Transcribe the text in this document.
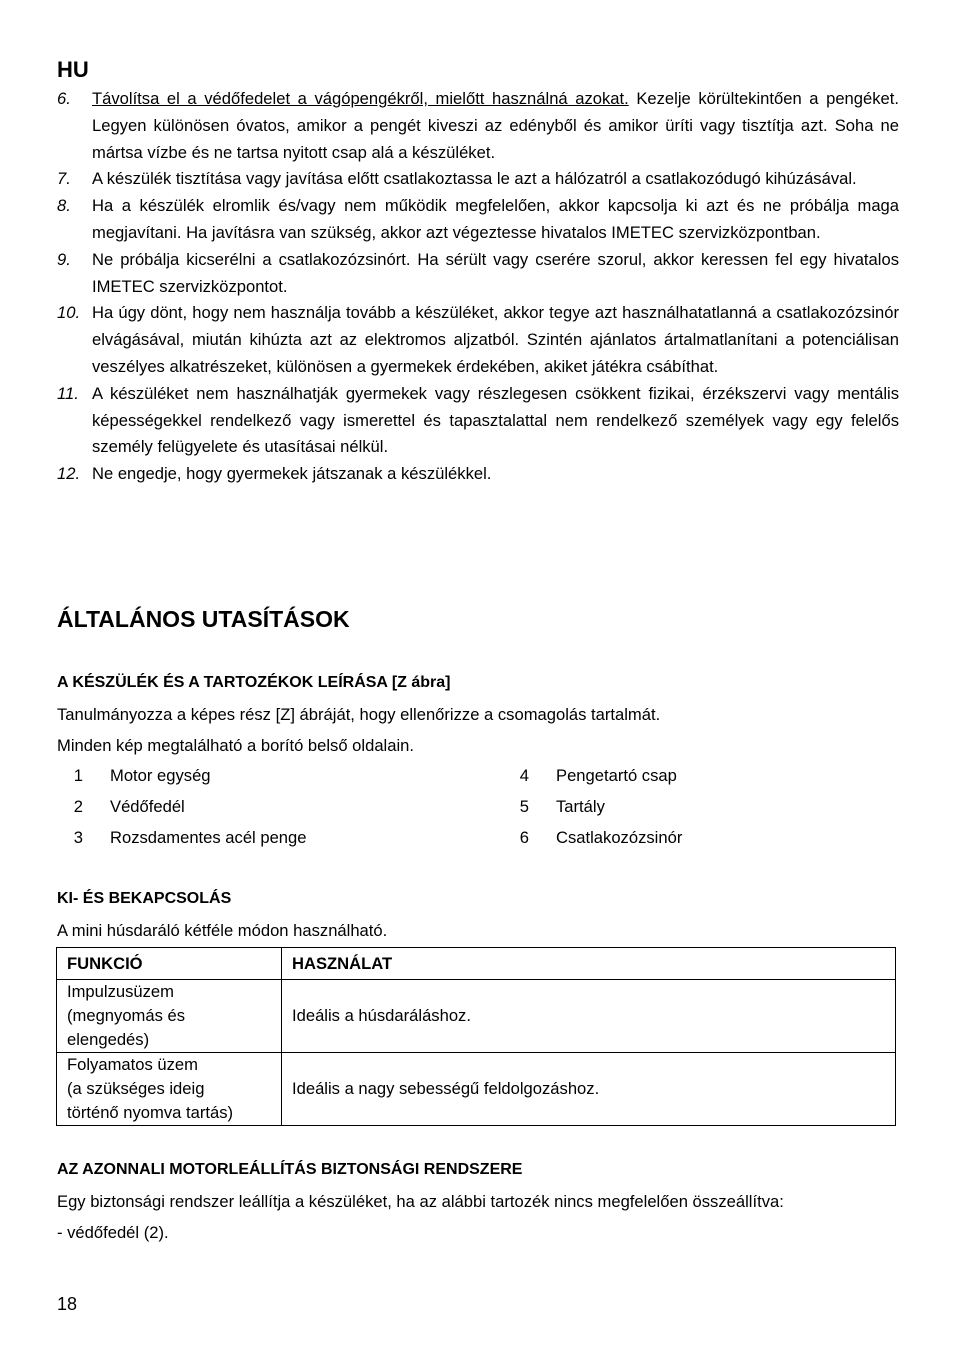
HU
6. Távolítsa el a védőfedelet a vágópengékről, mielőtt használná azokat. Kezelje körültekintően a pengéket. Legyen különösen óvatos, amikor a pengét kiveszi az edényből és amikor üríti vagy tisztítja azt. Soha ne mártsa vízbe és ne tartsa nyitott csap alá a készüléket.
7. A készülék tisztítása vagy javítása előtt csatlakoztassa le azt a hálózatról a csatlakozódugó kihúzásával.
8. Ha a készülék elromlik és/vagy nem működik megfelelően, akkor kapcsolja ki azt és ne próbálja maga megjavítani. Ha javításra van szükség, akkor azt végeztesse hivatalos IMETEC szervizközpontban.
9. Ne próbálja kicserélni a csatlakozózsinórt. Ha sérült vagy cserére szorul, akkor keressen fel egy hivatalos IMETEC szervizközpontot.
10. Ha úgy dönt, hogy nem használja tovább a készüléket, akkor tegye azt használhatatlanná a csatlakozózsinór elvágásával, miután kihúzta azt az elektromos aljzatból. Szintén ajánlatos ártalmatlanítani a potenciálisan veszélyes alkatrészeket, különösen a gyermekek érdekében, akiket játékra csábíthat.
11. A készüléket nem használhatják gyermekek vagy részlegesen csökkent fizikai, érzékszervi vagy mentális képességekkel rendelkező vagy ismerettel és tapasztalattal nem rendelkező személyek vagy egy felelős személy felügyelete és utasításai nélkül.
12. Ne engedje, hogy gyermekek játszanak a készülékkel.
ÁLTALÁNOS UTASÍTÁSOK
A KÉSZÜLÉK ÉS A TARTOZÉKOK LEÍRÁSA [Z ábra]
Tanulmányozza a képes rész [Z] ábráját, hogy ellenőrizze a csomagolás tartalmát.
Minden kép megtalálható a borító belső oldalain.
1 Motor egység
2 Védőfedél
3 Rozsdamentes acél penge
4 Pengetartó csap
5 Tartály
6 Csatlakozózsinór
KI- ÉS BEKAPCSOLÁS
A mini húsdaráló kétféle módon használható.
FUNKCIÓ	HASZNÁLAT

Impulzusüzem
(megnyomás és
elengedés)	Ideális a húsdaráláshoz.

Folyamatos üzem
(a szükséges ideig
történő nyomva tartás)	Ideális a nagy sebességű feldolgozáshoz.
AZ AZONNALI MOTORLEÁLLÍTÁS BIZTONSÁGI RENDSZERE
Egy biztonsági rendszer leállítja a készüléket, ha az alábbi tartozék nincs megfelelően összeállítva:
- védőfedél (2).
18
